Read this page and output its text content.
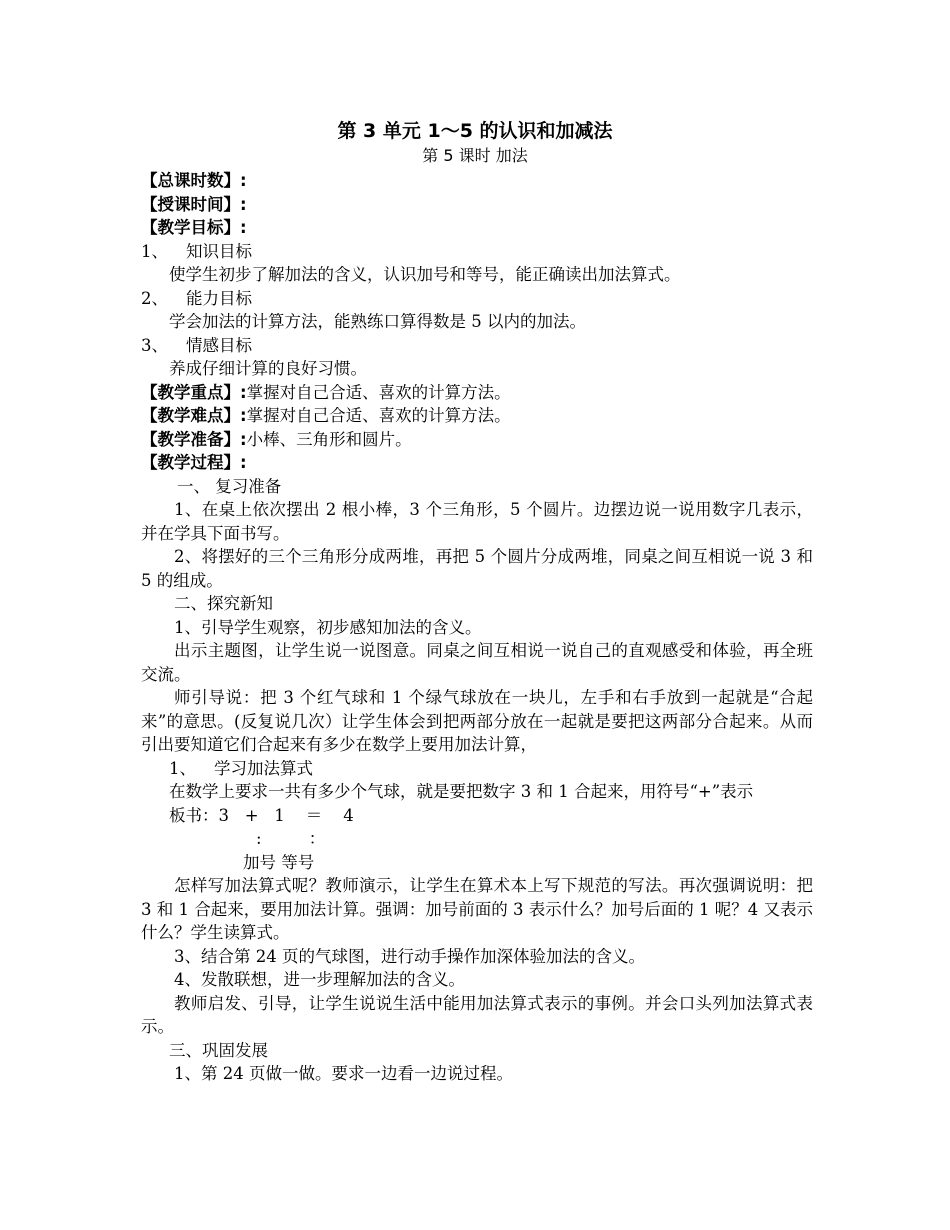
第 3 单元 1～5 的认识和加减法
第 5 课时 加法

【总课时数】:

【授课时间】:

【教学目标】:

1、 知识目标

使学生初步了解加法的含义，认识加号和等号，能正确读出加法算式。

2、 能力目标

学会加法的计算方法，能熟练口算得数是 5 以内的加法。

3、 情感目标

养成仔细计算的良好习惯。

【教学重点】:掌握对自己合适、喜欢的计算方法。

【教学难点】:掌握对自己合适、喜欢的计算方法。

【教学准备】:小棒、三角形和圆片。

【教学过程】:

一、 复习准备

1、在桌上依次摆出 2 根小棒，3 个三角形，5 个圆片。边摆边说一说用数字几表示，并在学具下面书写。

2、将摆好的三个三角形分成两堆，再把 5 个圆片分成两堆，同桌之间互相说一说 3 和 5 的组成。

二、探究新知

1、引导学生观察，初步感知加法的含义。

出示主题图，让学生说一说图意。同桌之间互相说一说自己的直观感受和体验，再全班交流。

师引导说：把 3 个红气球和 1 个绿气球放在一块儿，左手和右手放到一起就是“合起来”的意思。(反复说几次）让学生体会到把两部分放在一起就是要把这两部分合起来。从而引出要知道它们合起来有多少在数学上要用加法计算，

1、 学习加法算式

在数学上要求一共有多少个气球，就是要把数字 3 和 1 合起来，用符号“+”表示

板书：3   +   1    ＝    4

:         ：

加号 等号

怎样写加法算式呢？教师演示，让学生在算术本上写下规范的写法。再次强调说明：把 3 和 1 合起来，要用加法计算。强调：加号前面的 3 表示什么？加号后面的 1 呢？4 又表示什么？学生读算式。

3、结合第 24 页的气球图，进行动手操作加深体验加法的含义。

4、发散联想，进一步理解加法的含义。

教师启发、引导，让学生说说生活中能用加法算式表示的事例。并会口头列加法算式表示。

三、巩固发展

1、第 24 页做一做。要求一边看一边说过程。
